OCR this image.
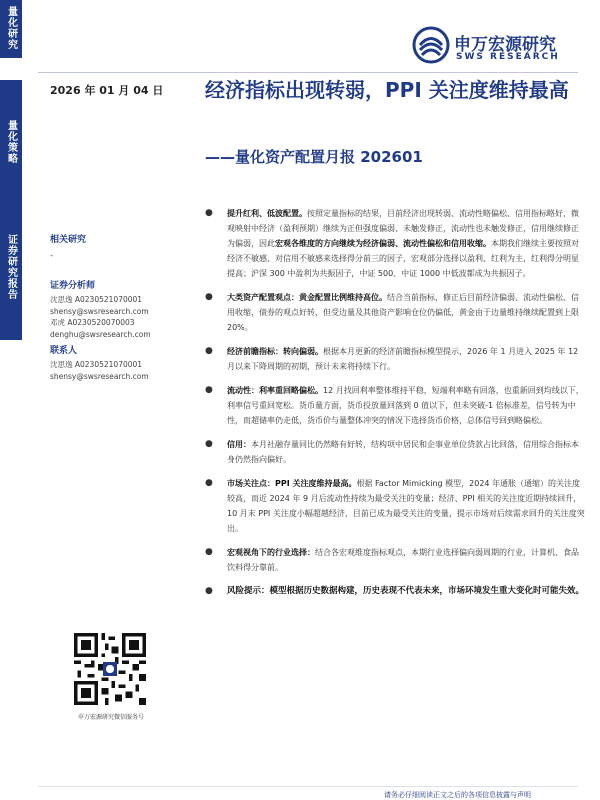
量化研究
量化策略
证券研究报告
申万宏源研究
SWS RESEARCH
2026 年 01 月 04 日 经济指标出现转弱，PPI 关注度维持最高
——量化资产配置月报 202601
相关研究
-
证券分析师
沈思逸 A0230521070001
shensy@swsresearch.com
邓虎 A0230520070003
denghu@swsresearch.com
联系人
沈思逸 A0230521070001
shensy@swsresearch.com
申万宏源研究微信服务号
● 提升红利、低波配置。按照定量指标的结果，目前经济出现转弱、流动性略偏松、信用指标略好，微观映射中经济（盈利预期）继续为正但强度偏弱、未触发修正，流动性也未触发修正，信用继续修正为偏弱，因此宏观各维度的方向继续为经济偏弱、流动性偏松和信用收缩。本期我们继续主要按照对经济不敏感、对信用不敏感来选择得分前三的因子，宏观部分选择以盈利、红利为主，红利得分明显提高；沪深 300 中盈利为共振因子，中证 500、中证 1000 中低波都成为共振因子。
● 大类资产配置观点：黄金配置比例维持高位。结合当前指标，修正后目前经济偏弱、流动性偏松、信用收缩，债券的观点好转，但受边量及其他资产影响仓位仍偏低，黄金由于边量维持继续配置到上限 20%。
● 经济前瞻指标：转向偏弱。根据本月更新的经济前瞻指标模型提示，2026 年 1 月进入 2025 年 12 月以来下降周期的初期，预计未来将持续下行。
● 流动性：利率重回略偏松。12 月找回利率整体维持平稳，短端利率略有回落，也重新回到均线以下，利率信号重回宽松。货币量方面，货币投放量回落到 0 值以下，但未突破-1 倍标准差，信号转为中性，而超储率仍走低，货币价与量整体冲突的情况下选择货币价格，总体信号回到略偏松。
● 信用：本月社融存量同比仍然略有好转，结构项中居民和企事业单位贷款占比回落，信用综合指标本身仍然指向偏好。
● 市场关注点：PPI 关注度维持最高。根据 Factor Mimicking 模型，2024 年通胀（通缩）的关注度较高，而近 2024 年 9 月后流动性持续为最受关注的变量；经济、PPI 相关的关注度近期持续回升，10 月末 PPI 关注度小幅超越经济，目前已成为最受关注的变量，提示市场对后续需求回升的关注度突出。
● 宏观视角下的行业选择：结合各宏观维度指标观点，本期行业选择偏向弱周期的行业，计算机、食品饮料得分靠前。
● 风险提示：模型根据历史数据构建，历史表现不代表未来，市场环境发生重大变化时可能失效。
请务必仔细阅读正文之后的各项信息披露与声明
